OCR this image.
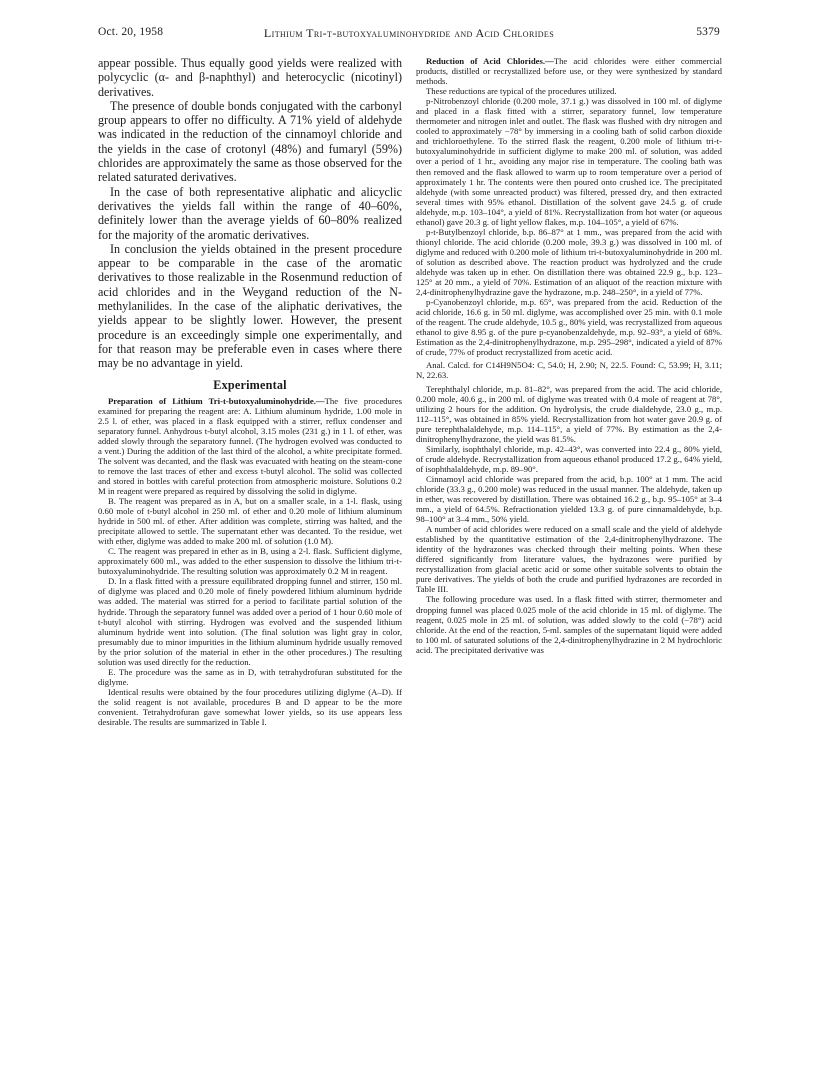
Oct. 20, 1958	Lithium Tri-t-butoxyaluminohydride and Acid Chlorides	5379

appear possible. Thus equally good yields were realized with polycyclic (α- and β-naphthyl) and heterocyclic (nicotinyl) derivatives.

The presence of double bonds conjugated with the carbonyl group appears to offer no difficulty. A 71% yield of aldehyde was indicated in the reduction of the cinnamoyl chloride and the yields in the case of crotonyl (48%) and fumaryl (59%) chlorides are approximately the same as those observed for the related saturated derivatives.

In the case of both representative aliphatic and alicyclic derivatives the yields fall within the range of 40–60%, definitely lower than the average yields of 60–80% realized for the majority of the aromatic derivatives.

In conclusion the yields obtained in the present procedure appear to be comparable in the case of the aromatic derivatives to those realizable in the Rosenmund reduction of acid chlorides and in the Weygand reduction of the N-methylanilides. In the case of the aliphatic derivatives, the yields appear to be slightly lower. However, the present procedure is an exceedingly simple one experimentally, and for that reason may be preferable even in cases where there may be no advantage in yield.

Experimental

Preparation of Lithium Tri-t-butoxyaluminohydride.—The five procedures examined for preparing the reagent are: A. Lithium aluminum hydride, 1.00 mole in 2.5 l. of ether, was placed in a flask equipped with a stirrer, reflux condenser and separatory funnel. Anhydrous t-butyl alcohol, 3.15 moles (231 g.) in 1 l. of ether, was added slowly through the separatory funnel. (The hydrogen evolved was conducted to a vent.) During the addition of the last third of the alcohol, a white precipitate formed. The solvent was decanted, and the flask was evacuated with heating on the steam-cone to remove the last traces of ether and excess t-butyl alcohol. The solid was collected and stored in bottles with careful protection from atmospheric moisture. Solutions 0.2 M in reagent were prepared as required by dissolving the solid in diglyme.

B. The reagent was prepared as in A, but on a smaller scale, in a 1-l. flask, using 0.60 mole of t-butyl alcohol in 250 ml. of ether and 0.20 mole of lithium aluminum hydride in 500 ml. of ether. After addition was complete, stirring was halted, and the precipitate allowed to settle. The supernatant ether was decanted. To the residue, wet with ether, diglyme was added to make 200 ml. of solution (1.0 M).

C. The reagent was prepared in ether as in B, using a 2-l. flask. Sufficient diglyme, approximately 600 ml., was added to the ether suspension to dissolve the lithium tri-t-butoxyaluminohydride. The resulting solution was approximately 0.2 M in reagent.

D. In a flask fitted with a pressure equilibrated dropping funnel and stirrer, 150 ml. of diglyme was placed and 0.20 mole of finely powdered lithium aluminum hydride was added. The material was stirred for a period to facilitate partial solution of the hydride. Through the separatory funnel was added over a period of 1 hour 0.60 mole of t-butyl alcohol with stirring. Hydrogen was evolved and the suspended lithium aluminum hydride went into solution. (The final solution was light gray in color, presumably due to minor impurities in the lithium aluminum hydride usually removed by the prior solution of the material in ether in the other procedures.) The resulting solution was used directly for the reduction.

E. The procedure was the same as in D, with tetrahydrofuran substituted for the diglyme.

Identical results were obtained by the four procedures utilizing diglyme (A–D). If the solid reagent is not available, procedures B and D appear to be the more convenient. Tetrahydrofuran gave somewhat lower yields, so its use appears less desirable. The results are summarized in Table I.

Reduction of Acid Chlorides.—The acid chlorides were either commercial products, distilled or recrystallized before use, or they were synthesized by standard methods.

These reductions are typical of the procedures utilized.

p-Nitrobenzoyl chloride (0.200 mole, 37.1 g.) was dissolved in 100 ml. of diglyme and placed in a flask fitted with a stirrer, separatory funnel, low temperature thermometer and nitrogen inlet and outlet. The flask was flushed with dry nitrogen and cooled to approximately −78° by immersing in a cooling bath of solid carbon dioxide and trichloroethylene. To the stirred flask the reagent, 0.200 mole of lithium tri-t-butoxyaluminohydride in sufficient diglyme to make 200 ml. of solution, was added over a period of 1 hr., avoiding any major rise in temperature. The cooling bath was then removed and the flask allowed to warm up to room temperature over a period of approximately 1 hr. The contents were then poured onto crushed ice. The precipitated aldehyde (with some unreacted product) was filtered, pressed dry, and then extracted several times with 95% ethanol. Distillation of the solvent gave 24.5 g. of crude aldehyde, m.p. 103–104°, a yield of 81%. Recrystallization from hot water (or aqueous ethanol) gave 20.3 g. of light yellow flakes, m.p. 104–105°, a yield of 67%.

p-t-Butylbenzoyl chloride, b.p. 86–87° at 1 mm., was prepared from the acid with thionyl chloride. The acid chloride (0.200 mole, 39.3 g.) was dissolved in 100 ml. of diglyme and reduced with 0.200 mole of lithium tri-t-butoxyaluminohydride in 200 ml. of solution as described above. The reaction product was hydrolyzed and the crude aldehyde was taken up in ether. On distillation there was obtained 22.9 g., b.p. 123–125° at 20 mm., a yield of 70%. Estimation of an aliquot of the reaction mixture with 2,4-dinitrophenylhydrazine gave the hydrazone, m.p. 248–250°, in a yield of 77%.

p-Cyanobenzoyl chloride, m.p. 65°, was prepared from the acid. Reduction of the acid chloride, 16.6 g. in 50 ml. diglyme, was accomplished over 25 min. with 0.1 mole of the reagent. The crude aldehyde, 10.5 g., 80% yield, was recrystallized from aqueous ethanol to give 8.95 g. of the pure p-cyanobenzaldehyde, m.p. 92–93°, a yield of 68%. Estimation as the 2,4-dinitrophenylhydrazone, m.p. 295–298°, indicated a yield of 87% of crude, 77% of product recrystallized from acetic acid.

Anal. Calcd. for C14H9N5O4: C, 54.0; H, 2.90; N, 22.5. Found: C, 53.99; H, 3.11; N, 22.63.

Terephthalyl chloride, m.p. 81–82°, was prepared from the acid. The acid chloride, 0.200 mole, 40.6 g., in 200 ml. of diglyme was treated with 0.4 mole of reagent at 78°, utilizing 2 hours for the addition. On hydrolysis, the crude dialdehyde, 23.0 g., m.p. 112–115°, was obtained in 85% yield. Recrystallization from hot water gave 20.9 g. of pure terephthalaldehyde, m.p. 114–115°, a yield of 77%. By estimation as the 2,4-dinitrophenylhydrazone, the yield was 81.5%.

Similarly, isophthalyl chloride, m.p. 42–43°, was converted into 22.4 g., 80% yield, of crude aldehyde. Recrystallization from aqueous ethanol produced 17.2 g., 64% yield, of isophthalaldehyde, m.p. 89–90°.

Cinnamoyl acid chloride was prepared from the acid, b.p. 100° at 1 mm. The acid chloride (33.3 g., 0.200 mole) was reduced in the usual manner. The aldehyde, taken up in ether, was recovered by distillation. There was obtained 16.2 g., b.p. 95–105° at 3–4 mm., a yield of 64.5%. Refractionation yielded 13.3 g. of pure cinnamaldehyde, b.p. 98–100° at 3–4 mm., 50% yield.

A number of acid chlorides were reduced on a small scale and the yield of aldehyde established by the quantitative estimation of the 2,4-dinitrophenylhydrazone. The identity of the hydrazones was checked through their melting points. When these differed significantly from literature values, the hydrazones were purified by recrystallization from glacial acetic acid or some other suitable solvents to obtain the pure derivatives. The yields of both the crude and purified hydrazones are recorded in Table III.

The following procedure was used. In a flask fitted with stirrer, thermometer and dropping funnel was placed 0.025 mole of the acid chloride in 15 ml. of diglyme. The reagent, 0.025 mole in 25 ml. of solution, was added slowly to the cold (−78°) acid chloride. At the end of the reaction, 5-ml. samples of the supernatant liquid were added to 100 ml. of saturated solutions of the 2,4-dinitrophenylhydrazine in 2 M hydrochloric acid. The precipitated derivative was
